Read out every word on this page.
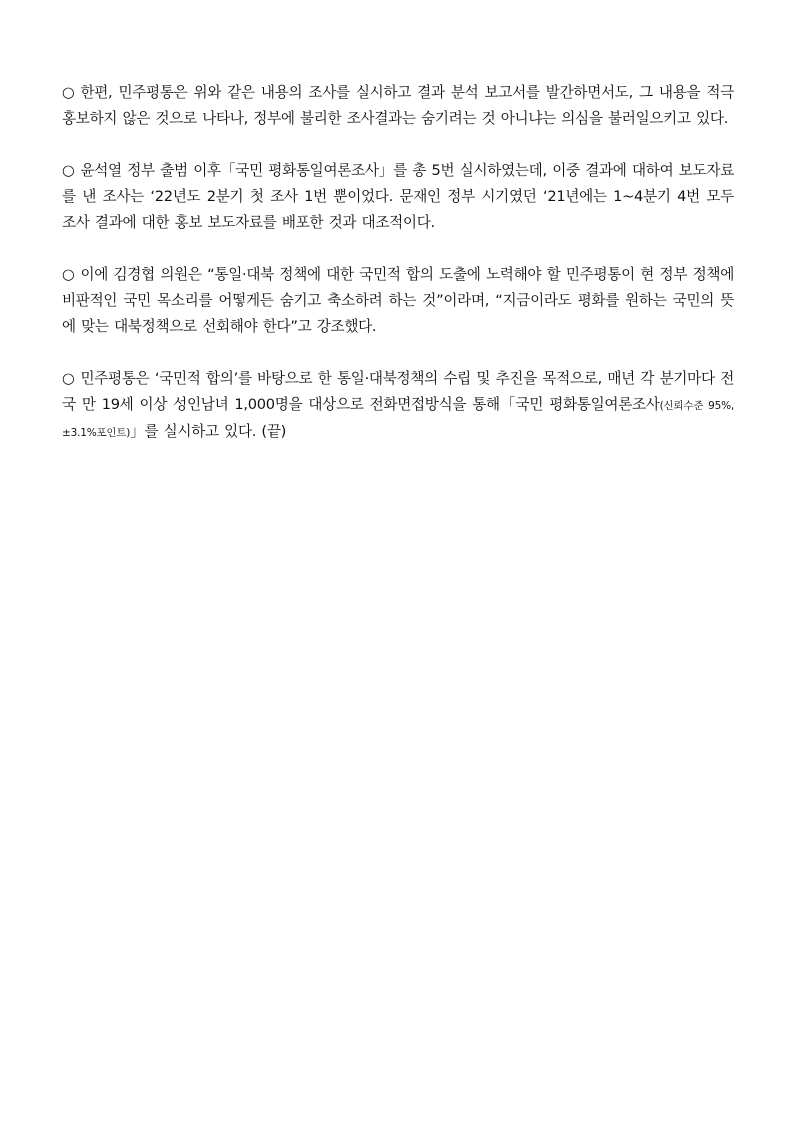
○ 한편, 민주평통은 위와 같은 내용의 조사를 실시하고 결과 분석 보고서를 발간하면서도, 그 내용을 적극 홍보하지 않은 것으로 나타나, 정부에 불리한 조사결과는 숨기려는 것 아니냐는 의심을 불러일으키고 있다.

○ 윤석열 정부 출범 이후「국민 평화통일여론조사」를 총 5번 실시하였는데, 이중 결과에 대하여 보도자료를 낸 조사는 ‘22년도 2분기 첫 조사 1번 뿐이었다. 문재인 정부 시기였던 ‘21년에는 1~4분기 4번 모두 조사 결과에 대한 홍보 보도자료를 배포한 것과 대조적이다.

○ 이에 김경협 의원은 “통일·대북 정책에 대한 국민적 합의 도출에 노력해야 할 민주평통이 현 정부 정책에 비판적인 국민 목소리를 어떻게든 숨기고 축소하려 하는 것”이라며, “지금이라도 평화를 원하는 국민의 뜻에 맞는 대북정책으로 선회해야 한다”고 강조했다.

○ 민주평통은 ‘국민적 합의’를 바탕으로 한 통일·대북정책의 수립 및 추진을 목적으로, 매년 각 분기마다 전국 만 19세 이상 성인남녀 1,000명을 대상으로 전화면접방식을 통해「국민 평화통일여론조사(신뢰수준 95%, ±3.1%포인트)」를 실시하고 있다. (끝)
